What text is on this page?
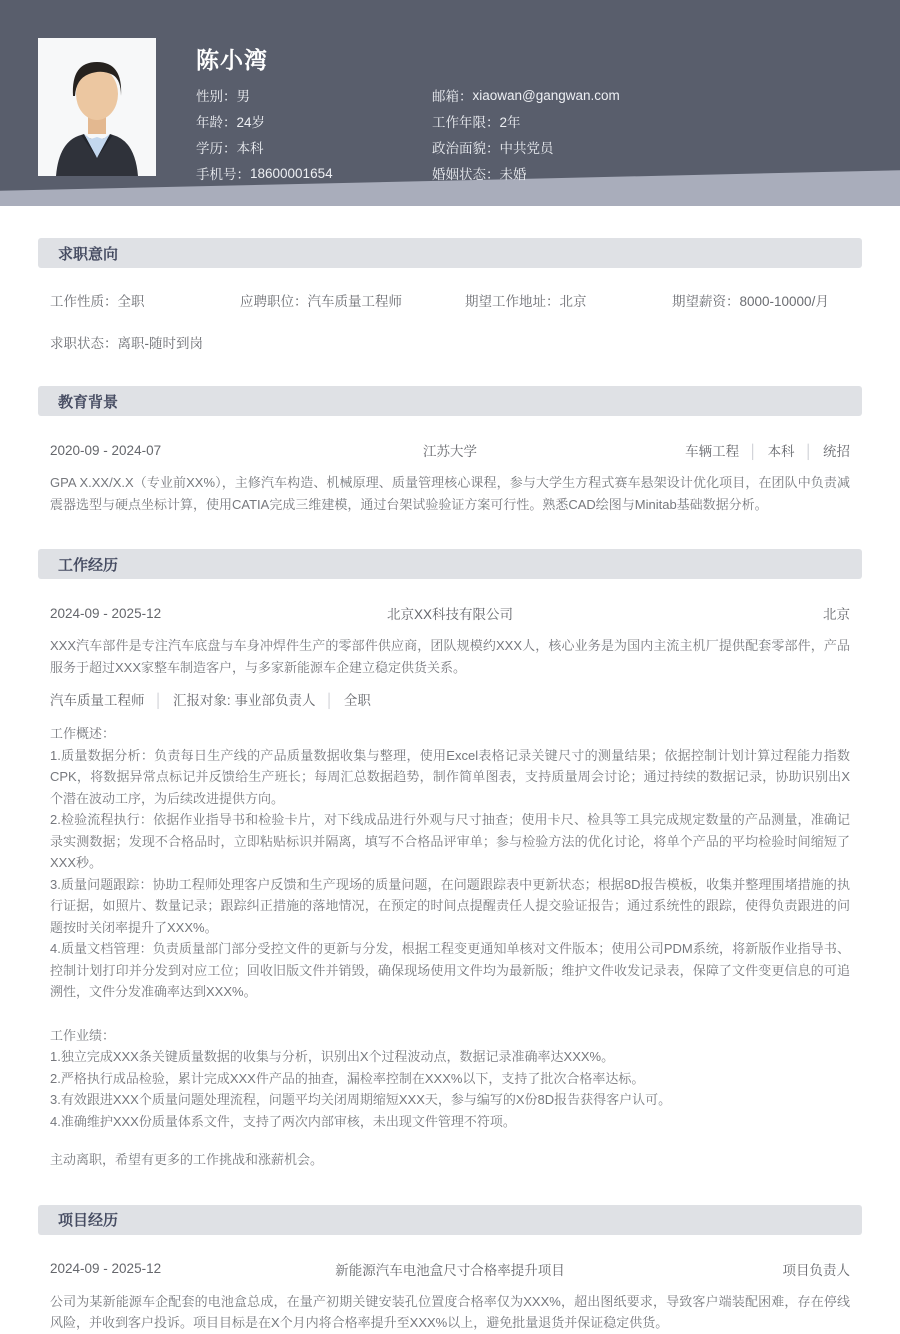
陈小湾
性别： 男
年龄： 24岁
学历： 本科
手机号： 18600001654
邮箱： xiaowan@gangwan.com
工作年限： 2年
政治面貌： 中共党员
婚姻状态： 未婚
求职意向
工作性质：全职	应聘职位：汽车质量工程师	期望工作地址：北京	期望薪资：8000-10000/月
求职状态：离职-随时到岗
教育背景
2020-09 - 2024-07	江苏大学	车辆工程 │ 本科 │ 统招
GPA X.XX/X.X（专业前XX%），主修汽车构造、机械原理、质量管理核心课程，参与大学生方程式赛车悬架设计优化项目，在团队中负责减震器选型与硬点坐标计算，使用CATIA完成三维建模，通过台架试验验证方案可行性。熟悉CAD绘图与Minitab基础数据分析。
工作经历
2024-09 - 2025-12	北京XX科技有限公司	北京
XXX汽车部件是专注汽车底盘与车身冲焊件生产的零部件供应商，团队规模约XXX人，核心业务是为国内主流主机厂提供配套零部件，产品服务于超过XXX家整车制造客户，与多家新能源车企建立稳定供货关系。
汽车质量工程师 │ 汇报对象: 事业部负责人 │ 全职

工作概述：

1.质量数据分析：负责每日生产线的产品质量数据收集与整理，使用Excel表格记录关键尺寸的测量结果；依据控制计划计算过程能力指数CPK，将数据异常点标记并反馈给生产班长；每周汇总数据趋势，制作简单图表，支持质量周会讨论；通过持续的数据记录，协助识别出X个潜在波动工序，为后续改进提供方向。

2.检验流程执行：依据作业指导书和检验卡片，对下线成品进行外观与尺寸抽查；使用卡尺、检具等工具完成规定数量的产品测量，准确记录实测数据；发现不合格品时，立即粘贴标识并隔离，填写不合格品评审单；参与检验方法的优化讨论，将单个产品的平均检验时间缩短了XXX秒。

3.质量问题跟踪：协助工程师处理客户反馈和生产现场的质量问题，在问题跟踪表中更新状态；根据8D报告模板，收集并整理围堵措施的执行证据，如照片、数量记录；跟踪纠正措施的落地情况，在预定的时间点提醒责任人提交验证报告；通过系统性的跟踪，使得负责跟进的问题按时关闭率提升了XXX%。

4.质量文档管理：负责质量部门部分受控文件的更新与分发，根据工程变更通知单核对文件版本；使用公司PDM系统，将新版作业指导书、控制计划打印并分发到对应工位；回收旧版文件并销毁，确保现场使用文件均为最新版；维护文件收发记录表，保障了文件变更信息的可追溯性，文件分发准确率达到XXX%。

工作业绩：

1.独立完成XXX条关键质量数据的收集与分析，识别出X个过程波动点，数据记录准确率达XXX%。

2.严格执行成品检验，累计完成XXX件产品的抽查，漏检率控制在XXX%以下，支持了批次合格率达标。

3.有效跟进XXX个质量问题处理流程，问题平均关闭周期缩短XXX天，参与编写的X份8D报告获得客户认可。

4.准确维护XXX份质量体系文件，支持了两次内部审核，未出现文件管理不符项。

主动离职，希望有更多的工作挑战和涨薪机会。
项目经历
2024-09 - 2025-12	新能源汽车电池盒尺寸合格率提升项目	项目负责人
公司为某新能源车企配套的电池盒总成，在量产初期关键安装孔位置度合格率仅为XXX%，超出图纸要求，导致客户端装配困难，存在停线风险，并收到客户投诉。项目目标是在X个月内将合格率提升至XXX%以上，避免批量退货并保证稳定供货。
